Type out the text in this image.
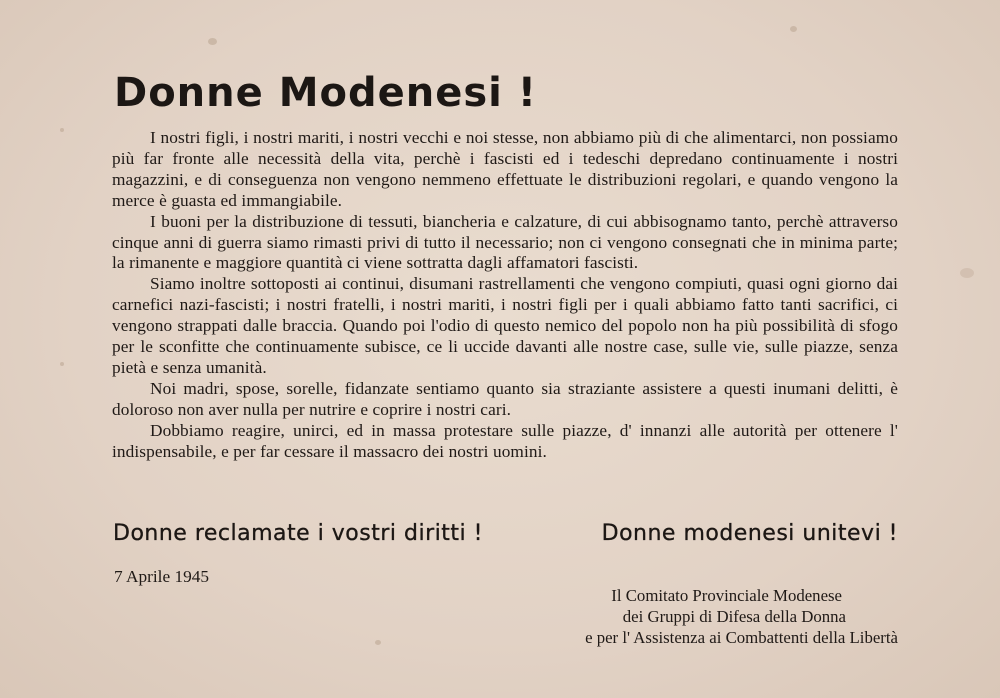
Donne Modenesi !

I nostri figli, i nostri mariti, i nostri vecchi e noi stesse, non abbiamo più di che alimentarci, non possiamo più far fronte alle necessità della vita, perchè i fascisti ed i tedeschi depredano continuamente i nostri magazzini, e di conseguenza non vengono nemmeno effettuate le distribuzioni regolari, e quando vengono la merce è guasta ed immangiabile.

I buoni per la distribuzione di tessuti, biancheria e calzature, di cui abbisognamo tanto, perchè attraverso cinque anni di guerra siamo rimasti privi di tutto il necessario; non ci vengono consegnati che in minima parte; la rimanente e maggiore quantità ci viene sottratta dagli affamatori fascisti.

Siamo inoltre sottoposti ai continui, disumani rastrellamenti che vengono compiuti, quasi ogni giorno dai carnefici nazi-fascisti; i nostri fratelli, i nostri mariti, i nostri figli per i quali abbiamo fatto tanti sacrifici, ci vengono strappati dalle braccia. Quando poi l'odio di questo nemico del popolo non ha più possibilità di sfogo per le sconfitte che continuamente subisce, ce li uccide davanti alle nostre case, sulle vie, sulle piazze, senza pietà e senza umanità.

Noi madri, spose, sorelle, fidanzate sentiamo quanto sia straziante assistere a questi inumani delitti, è doloroso non aver nulla per nutrire e coprire i nostri cari.

Dobbiamo reagire, unirci, ed in massa protestare sulle piazze, d' innanzi alle autorità per ottenere l' indispensabile, e per far cessare il massacro dei nostri uomini.

Donne reclamate i vostri diritti !	Donne modenesi unitevi !
7 Aprile 1945
Il Comitato Provinciale Modenese
dei Gruppi di Difesa della Donna
e per l' Assistenza ai Combattenti della Libertà
